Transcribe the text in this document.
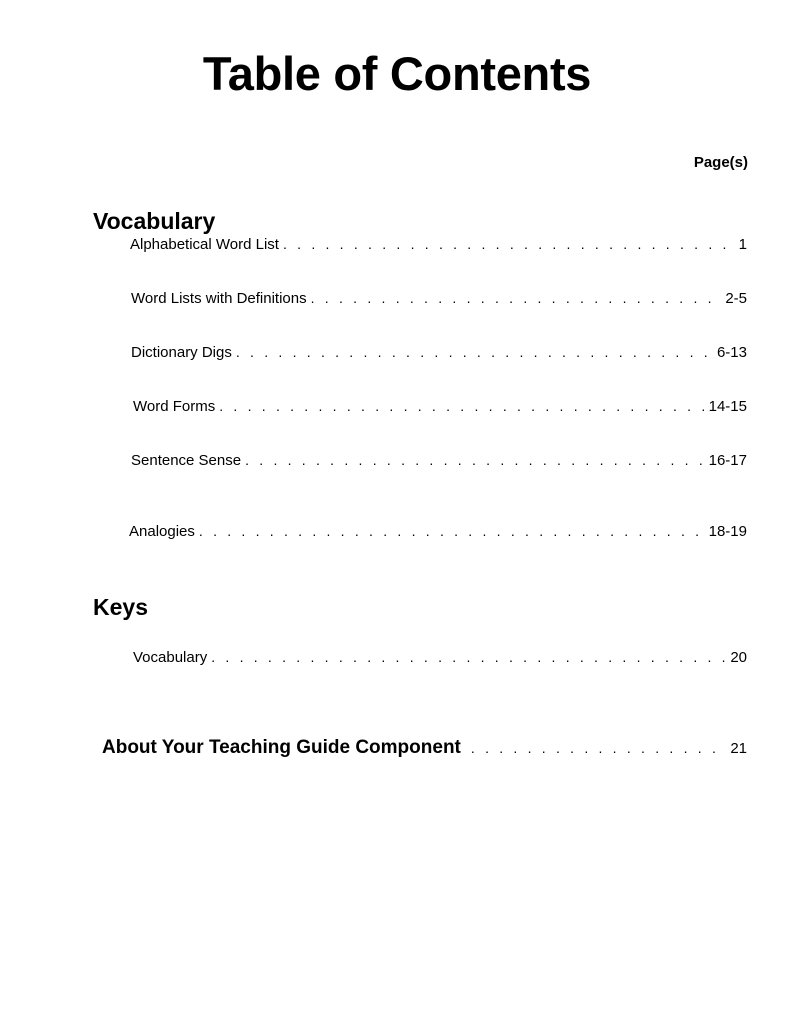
Table of Contents
Page(s)
Vocabulary
Alphabetical Word List . . .	1
Word Lists with Definitions . . .	2-5
Dictionary Digs . . .	6-13
Word Forms . . .	14-15
Sentence Sense . . .	16-17
Analogies . . .	18-19
Keys
Vocabulary . . .	20
About Your Teaching Guide Component . . .	21
